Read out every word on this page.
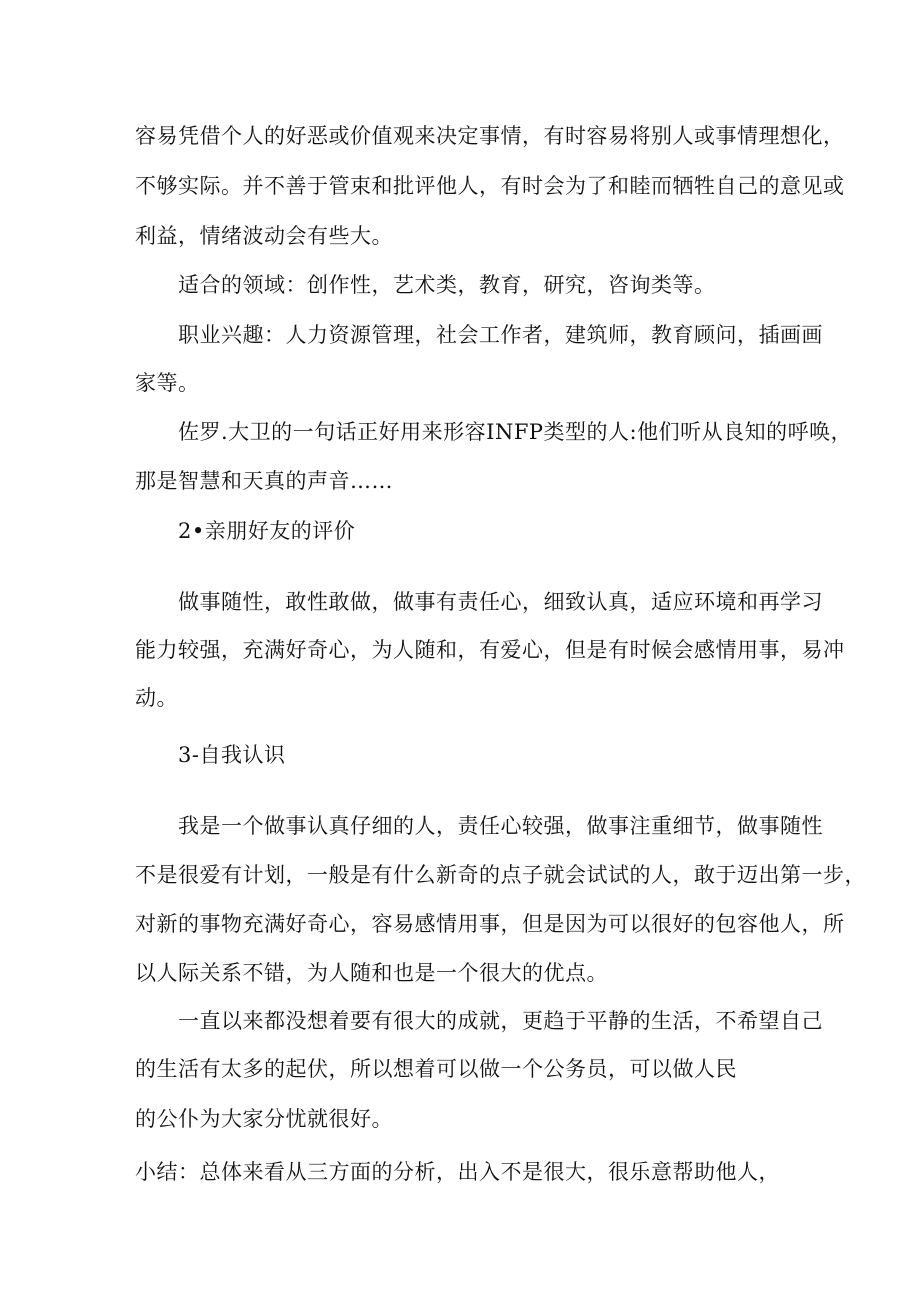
容易凭借个人的好恶或价值观来决定事情，有时容易将别人或事情理想化，
不够实际。并不善于管束和批评他人，有时会为了和睦而牺牲自己的意见或
利益，情绪波动会有些大。
适合的领域：创作性，艺术类，教育，研究，咨询类等。
职业兴趣：人力资源管理，社会工作者，建筑师，教育顾问，插画画
家等。
佐罗.大卫的一句话正好用来形容INFP类型的人:他们听从良知的呼唤，
那是智慧和天真的声音……
2•亲朋好友的评价
做事随性，敢性敢做，做事有责任心，细致认真，适应环境和再学习
能力较强，充满好奇心，为人随和，有爱心，但是有时候会感情用事，易冲
动。
3-自我认识
我是一个做事认真仔细的人，责任心较强，做事注重细节，做事随性
不是很爱有计划，一般是有什么新奇的点子就会试试的人，敢于迈出第一步，
对新的事物充满好奇心，容易感情用事，但是因为可以很好的包容他人，所
以人际关系不错，为人随和也是一个很大的优点。
一直以来都没想着要有很大的成就，更趋于平静的生活，不希望自己
的生活有太多的起伏，所以想着可以做一个公务员，可以做人民
的公仆为大家分忧就很好。
小结：总体来看从三方面的分析，出入不是很大，很乐意帮助他人，
